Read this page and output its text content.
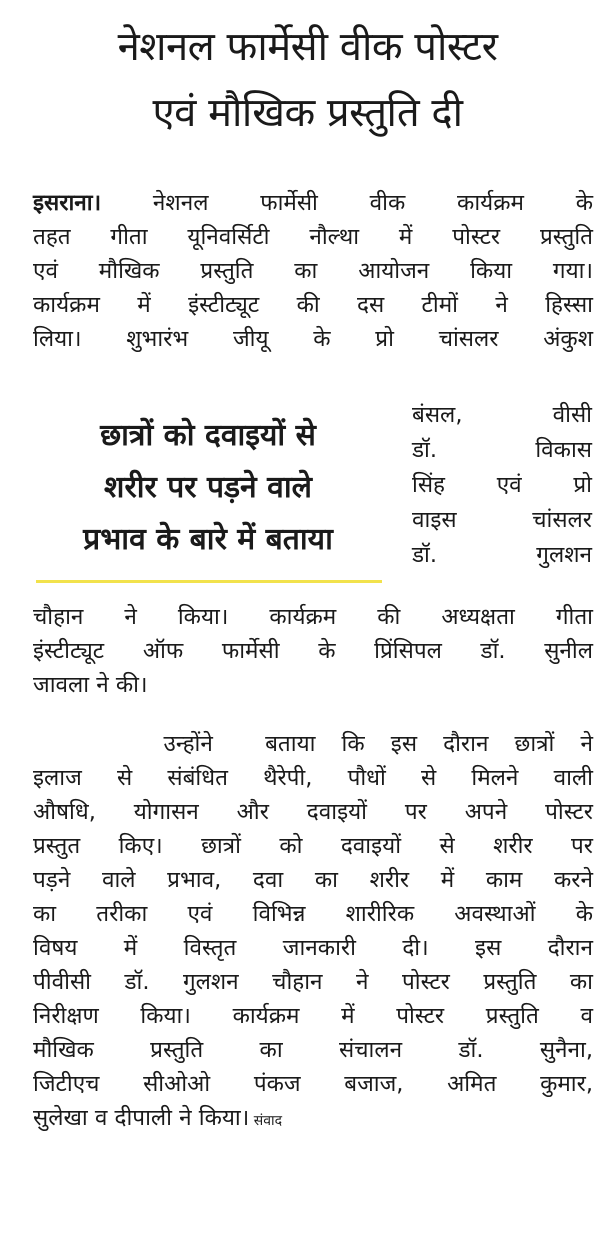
नेशनल फार्मेसी वीक पोस्टर
एवं मौखिक प्रस्तुति दी
इसराना। नेशनल फार्मेसी वीक कार्यक्रम के
तहत गीता यूनिवर्सिटी नौल्था में पोस्टर प्रस्तुति
एवं मौखिक प्रस्तुति का आयोजन किया गया।
कार्यक्रम में इंस्टीट्यूट की दस टीमों ने हिस्सा
लिया। शुभारंभ जीयू के प्रो चांसलर अंकुश
छात्रों को दवाइयों से
शरीर पर पड़ने वाले
प्रभाव के बारे में बताया
बंसल, वीसी
डॉ. विकास
सिंह एवं प्रो
वाइस चांसलर
डॉ. गुलशन
चौहान ने किया। कार्यक्रम की अध्यक्षता गीता
इंस्टीट्यूट ऑफ फार्मेसी के प्रिंसिपल डॉ. सुनील
जावला ने की।
उन्होंने  बताया कि इस दौरान छात्रों ने
इलाज से संबंधित थैरेपी, पौधों से मिलने वाली
औषधि, योगासन और दवाइयों पर अपने पोस्टर
प्रस्तुत किए। छात्रों को दवाइयों से शरीर पर
पड़ने वाले प्रभाव, दवा का शरीर में काम करने
का तरीका एवं विभिन्न शारीरिक अवस्थाओं के
विषय में विस्तृत जानकारी दी। इस दौरान
पीवीसी डॉ. गुलशन चौहान ने पोस्टर प्रस्तुति का
निरीक्षण किया। कार्यक्रम में पोस्टर प्रस्तुति व
मौखिक प्रस्तुति का संचालन डॉ. सुनैना,
जिटीएच सीओओ पंकज बजाज, अमित कुमार,
सुलेखा व दीपाली ने किया। संवाद
